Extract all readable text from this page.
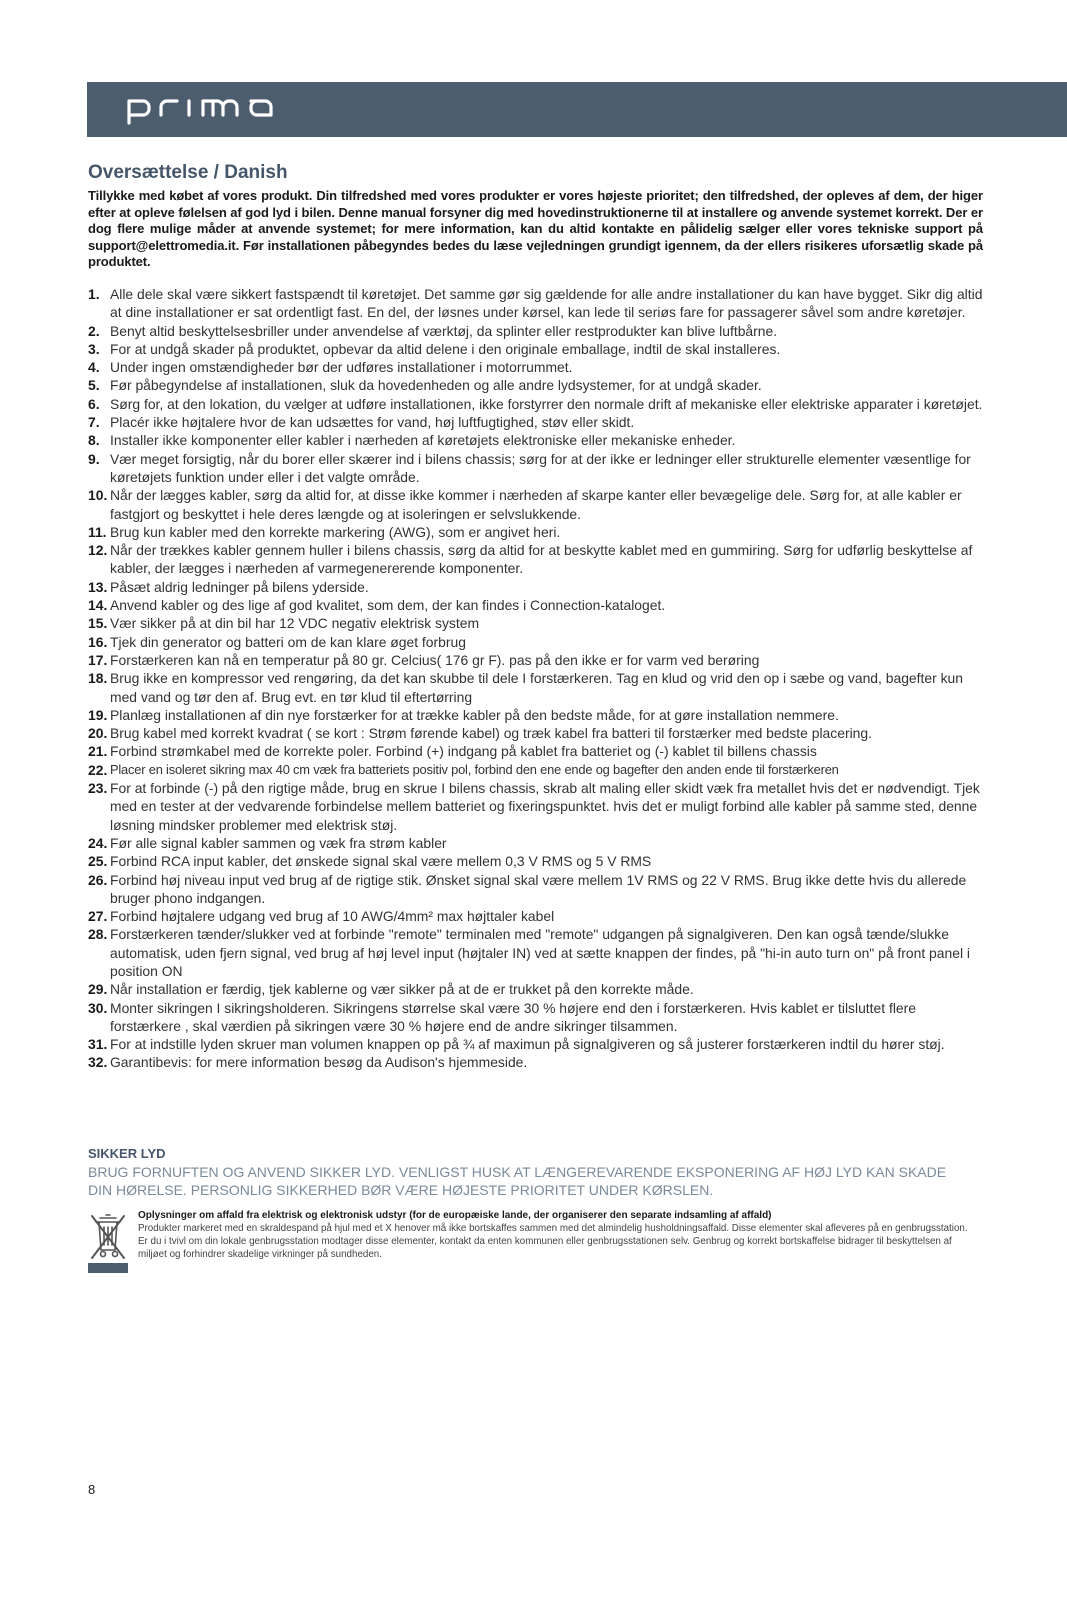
Oversættelse / Danish
Tillykke med købet af vores produkt. Din tilfredshed med vores produkter er vores højeste prioritet; den tilfredshed, der opleves af dem, der higer efter at opleve følelsen af god lyd i bilen. Denne manual forsyner dig med hovedinstruktionerne til at installere og anvende systemet korrekt. Der er dog flere mulige måder at anvende systemet; for mere information, kan du altid kontakte en pålidelig sælger eller vores tekniske support på support@elettromedia.it. Før installationen påbegyndes bedes du læse vejledningen grundigt igennem, da der ellers risikeres uforsætlig skade på produktet.
1. Alle dele skal være sikkert fastspændt til køretøjet. Det samme gør sig gældende for alle andre installationer du kan have bygget. Sikr dig altid at dine installationer er sat ordentligt fast. En del, der løsnes under kørsel, kan lede til seriøs fare for passagerer såvel som andre køretøjer.
2. Benyt altid beskyttelsesbriller under anvendelse af værktøj, da splinter eller restprodukter kan blive luftbårne.
3. For at undgå skader på produktet, opbevar da altid delene i den originale emballage, indtil de skal installeres.
4. Under ingen omstændigheder bør der udføres installationer i motorrummet.
5. Før påbegyndelse af installationen, sluk da hovedenheden og alle andre lydsystemer, for at undgå skader.
6. Sørg for, at den lokation, du vælger at udføre installationen, ikke forstyrrer den normale drift af mekaniske eller elektriske apparater i køretøjet.
7. Placér ikke højtalere hvor de kan udsættes for vand, høj luftfugtighed, støv eller skidt.
8. Installer ikke komponenter eller kabler i nærheden af køretøjets elektroniske eller mekaniske enheder.
9. Vær meget forsigtig, når du borer eller skærer ind i bilens chassis; sørg for at der ikke er ledninger eller strukturelle elementer væsentlige for køretøjets funktion under eller i det valgte område.
10. Når der lægges kabler, sørg da altid for, at disse ikke kommer i nærheden af skarpe kanter eller bevægelige dele. Sørg for, at alle kabler er fastgjort og beskyttet i hele deres længde og at isoleringen er selvslukkende.
11. Brug kun kabler med den korrekte markering (AWG), som er angivet heri.
12. Når der trækkes kabler gennem huller i bilens chassis, sørg da altid for at beskytte kablet med en gummiring. Sørg for udførlig beskyttelse af kabler, der lægges i nærheden af varmegenererende komponenter.
13. Påsæt aldrig ledninger på bilens yderside.
14. Anvend kabler og des lige af god kvalitet, som dem, der kan findes i Connection-kataloget.
15. Vær sikker på at din bil har 12 VDC negativ elektrisk system
16. Tjek din generator og batteri om de kan klare øget forbrug
17. Forstærkeren kan nå en temperatur på 80 gr. Celcius( 176 gr F). pas på den ikke er for varm ved berøring
18. Brug ikke en kompressor ved rengøring, da det kan skubbe til dele I forstærkeren. Tag en klud og vrid den op i sæbe og vand, bagefter kun med vand og tør den af. Brug evt. en tør klud til eftertørring
19. Planlæg installationen af din nye forstærker for at trække kabler på den bedste måde, for at gøre installation nemmere.
20. Brug kabel med korrekt kvadrat ( se kort : Strøm førende kabel) og træk kabel fra batteri til forstærker med bedste placering.
21. Forbind strømkabel med de korrekte poler. Forbind (+) indgang på kablet fra batteriet og (-) kablet til billens chassis
22. Placer en isoleret sikring max 40 cm væk fra batteriets positiv pol, forbind den ene ende og bagefter den anden ende til forstærkeren
23. For at forbinde (-) på den rigtige måde, brug en skrue I bilens chassis, skrab alt maling eller skidt væk fra metallet hvis det er nødvendigt. Tjek med en tester at der vedvarende forbindelse mellem batteriet og fixeringspunktet. hvis det er muligt forbind alle kabler på samme sted, denne løsning mindsker problemer med elektrisk støj.
24. Før alle signal kabler sammen og væk fra strøm kabler
25. Forbind RCA input kabler, det ønskede signal skal være mellem 0,3 V RMS og 5 V RMS
26. Forbind høj niveau input ved brug af de rigtige stik. Ønsket signal skal være mellem 1V RMS og 22 V RMS. Brug ikke dette hvis du allerede bruger phono indgangen.
27. Forbind højtalere udgang ved brug af 10 AWG/4mm² max højttaler kabel
28. Forstærkeren tænder/slukker ved at forbinde "remote" terminalen med "remote" udgangen på signalgiveren. Den kan også tænde/slukke automatisk, uden fjern signal, ved brug af høj level input (højtaler IN) ved at sætte knappen der findes, på "hi-in auto turn on" på front panel i position ON
29. Når installation er færdig, tjek kablerne og vær sikker på at de er trukket på den korrekte måde.
30. Monter sikringen I sikringsholderen. Sikringens størrelse skal være 30 % højere end den i forstærkeren. Hvis kablet er tilsluttet flere forstærkere , skal værdien på sikringen være 30 % højere end de andre sikringer tilsammen.
31. For at indstille lyden skruer man volumen knappen op på ¾ af maximun på signalgiveren og så justerer forstærkeren indtil du hører støj.
32. Garantibevis: for mere information besøg da Audison's hjemmeside.
SIKKER LYD
BRUG FORNUFTEN OG ANVEND SIKKER LYD. VENLIGST HUSK AT LÆNGEREVARENDE EKSPONERING AF HØJ LYD KAN SKADE DIN HØRELSE. PERSONLIG SIKKERHED BØR VÆRE HØJESTE PRIORITET UNDER KØRSLEN.
Oplysninger om affald fra elektrisk og elektronisk udstyr (for de europæiske lande, der organiserer den separate indsamling af affald)
Produkter markeret med en skraldespand på hjul med et X henover må ikke bortskaffes sammen med det almindelig husholdningsaffald. Disse elementer skal afleveres på en genbrugsstation. Er du i tvivl om din lokale genbrugsstation modtager disse elementer, kontakt da enten kommunen eller genbrugsstationen selv. Genbrug og korrekt bortskaffelse bidrager til beskyttelsen af miljøet og forhindrer skadelige virkninger på sundheden.
8
